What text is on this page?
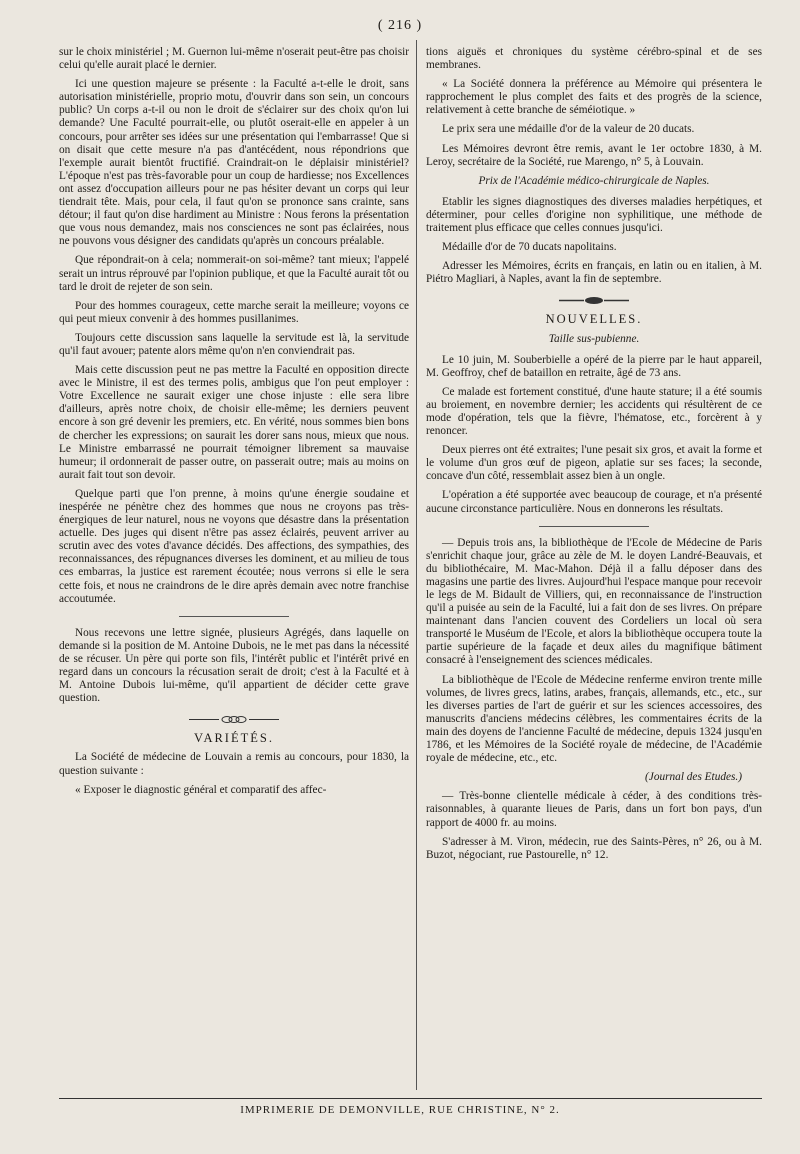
( 216 )

sur le choix ministériel ; M. Guernon lui-même n'oserait peut-être pas choisir celui qu'elle aurait placé le dernier.

Ici une question majeure se présente : la Faculté a-t-elle le droit, sans autorisation ministérielle, proprio motu, d'ouvrir dans son sein, un concours public? Un corps a-t-il ou non le droit de s'éclairer sur des choix qu'on lui demande? Une Faculté pourrait-elle, ou plutôt oserait-elle en appeler à un concours, pour arrêter ses idées sur une présentation qui l'embarrasse! Que si on disait que cette mesure n'a pas d'antécédent, nous répondrions que l'exemple aurait bientôt fructifié. Craindrait-on le déplaisir ministériel? L'époque n'est pas très-favorable pour un coup de hardiesse; nos Excellences ont assez d'occupation ailleurs pour ne pas hésiter devant un corps qui leur tiendrait tête. Mais, pour cela, il faut qu'on se prononce sans crainte, sans détour; il faut qu'on dise hardiment au Ministre : Nous ferons la présentation que vous nous demandez, mais nos consciences ne sont pas éclairées, nous ne pouvons vous désigner des candidats qu'après un concours préalable.

Que répondrait-on à cela; nommerait-on soi-même? tant mieux; l'appelé serait un intrus réprouvé par l'opinion publique, et que la Faculté aurait tôt ou tard le droit de rejeter de son sein.

Pour des hommes courageux, cette marche serait la meilleure; voyons ce qui peut mieux convenir à des hommes pusillanimes.

Toujours cette discussion sans laquelle la servitude est là, la servitude qu'il faut avouer; patente alors même qu'on n'en conviendrait pas.

Mais cette discussion peut ne pas mettre la Faculté en opposition directe avec le Ministre, il est des termes polis, ambigus que l'on peut employer : Votre Excellence ne saurait exiger une chose injuste : elle sera libre d'ailleurs, après notre choix, de choisir elle-même; les derniers peuvent encore à son gré devenir les premiers, etc. En vérité, nous sommes bien bons de chercher les expressions; on saurait les dorer sans nous, mieux que nous. Le Ministre embarrassé ne pourrait témoigner librement sa mauvaise humeur; il ordonnerait de passer outre, on passerait outre; mais au moins on aurait fait tout son devoir.

Quelque parti que l'on prenne, à moins qu'une énergie soudaine et inespérée ne pénètre chez des hommes que nous ne croyons pas très-énergiques de leur naturel, nous ne voyons que désastre dans la présentation actuelle. Des juges qui disent n'être pas assez éclairés, peuvent arriver au scrutin avec des votes d'avance décidés. Des affections, des sympathies, des reconnaissances, des répugnances diverses les dominent, et au milieu de tous ces embarras, la justice est rarement écoutée; nous verrons si elle le sera cette fois, et nous ne craindrons de le dire après demain avec notre franchise accoutumée.

Nous recevons une lettre signée, plusieurs Agrégés, dans laquelle on demande si la position de M. Antoine Dubois, ne le met pas dans la nécessité de se récuser. Un père qui porte son fils, l'intérêt public et l'intérêt privé en regard dans un concours la récusation serait de droit; c'est à la Faculté et à M. Antoine Dubois lui-même, qu'il appartient de décider cette grave question.

VARIÉTÉS.

La Société de médecine de Louvain a remis au concours, pour 1830, la question suivante :

« Exposer le diagnostic général et comparatif des affec-

tions aiguës et chroniques du système cérébro-spinal et de ses membranes.

« La Société donnera la préférence au Mémoire qui présentera le rapprochement le plus complet des faits et des progrès de la science, relativement à cette branche de séméiotique. »

Le prix sera une médaille d'or de la valeur de 20 ducats.

Les Mémoires devront être remis, avant le 1er octobre 1830, à M. Leroy, secrétaire de la Société, rue Marengo, n° 5, à Louvain.

Prix de l'Académie médico-chirurgicale de Naples.

Etablir les signes diagnostiques des diverses maladies herpétiques, et déterminer, pour celles d'origine non syphilitique, une méthode de traitement plus efficace que celles connues jusqu'ici.

Médaille d'or de 70 ducats napolitains.

Adresser les Mémoires, écrits en français, en latin ou en italien, à M. Piétro Magliari, à Naples, avant la fin de septembre.

NOUVELLES.
Taille sus-pubienne.

Le 10 juin, M. Souberbielle a opéré de la pierre par le haut appareil, M. Geoffroy, chef de bataillon en retraite, âgé de 73 ans.

Ce malade est fortement constitué, d'une haute stature; il a été soumis au broiement, en novembre dernier; les accidents qui résultèrent de ce mode d'opération, tels que la fièvre, l'hématose, etc., forcèrent à y renoncer.

Deux pierres ont été extraites; l'une pesait six gros, et avait la forme et le volume d'un gros œuf de pigeon, aplatie sur ses faces; la seconde, concave d'un côté, ressemblait assez bien à un ongle.

L'opération a été supportée avec beaucoup de courage, et n'a présenté aucune circonstance particulière. Nous en donnerons les résultats.

— Depuis trois ans, la bibliothèque de l'Ecole de Médecine de Paris s'enrichit chaque jour, grâce au zèle de M. le doyen Landré-Beauvais, et du bibliothécaire, M. Mac-Mahon. Déjà il a fallu déposer dans des magasins une partie des livres. Aujourd'hui l'espace manque pour recevoir le legs de M. Bidault de Villiers, qui, en reconnaissance de l'instruction qu'il a puisée au sein de la Faculté, lui a fait don de ses livres. On prépare maintenant dans l'ancien couvent des Cordeliers un local où sera transporté le Muséum de l'Ecole, et alors la bibliothèque occupera toute la partie supérieure de la façade et deux ailes du magnifique bâtiment consacré à l'enseignement des sciences médicales.

La bibliothèque de l'Ecole de Médecine renferme environ trente mille volumes, de livres grecs, latins, arabes, français, allemands, etc., etc., sur les diverses parties de l'art de guérir et sur les sciences accessoires, des manuscrits d'anciens médecins célèbres, les commentaires écrits de la main des doyens de l'ancienne Faculté de médecine, depuis 1324 jusqu'en 1786, et les Mémoires de la Société royale de médecine, de l'Académie royale de médecine, etc., etc.

(Journal des Etudes.)

— Très-bonne clientelle médicale à céder, à des conditions très-raisonnables, à quarante lieues de Paris, dans un fort bon pays, d'un rapport de 4000 fr. au moins.

S'adresser à M. Viron, médecin, rue des Saints-Pères, n° 26, ou à M. Buzot, négociant, rue Pastourelle, n° 12.

IMPRIMERIE DE DEMONVILLE, RUE CHRISTINE, N° 2.
